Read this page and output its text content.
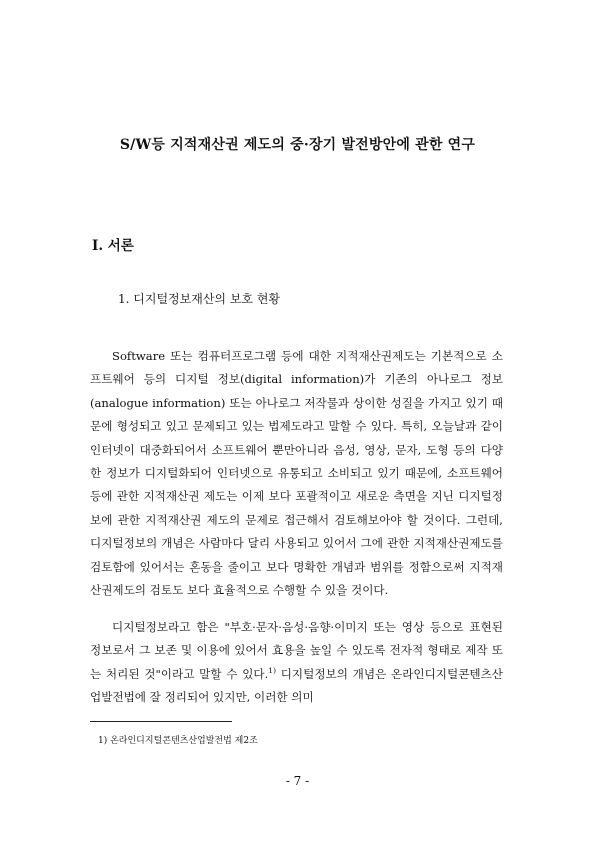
S/W등 지적재산권 제도의 중·장기 발전방안에 관한 연구
I. 서론
1. 디지털정보재산의 보호 현황

Software 또는 컴퓨터프로그램 등에 대한 지적재산권제도는 기본적으로 소프트웨어 등의 디지털 정보(digital information)가 기존의 아나로그 정보(analogue information) 또는 아나로그 저작물과 상이한 성질을 가지고 있기 때문에 형성되고 있고 문제되고 있는 법제도라고 말할 수 있다. 특히, 오늘날과 같이 인터넷이 대중화되어서 소프트웨어 뿐만아니라 음성, 영상, 문자, 도형 등의 다양한 정보가 디지털화되어 인터넷으로 유통되고 소비되고 있기 때문에, 소프트웨어 등에 관한 지적재산권 제도는 이제 보다 포괄적이고 새로운 측면을 지닌 디지털정보에 관한 지적재산권 제도의 문제로 접근해서 검토해보아야 할 것이다. 그런데, 디지털정보의 개념은 사람마다 달리 사용되고 있어서 그에 관한 지적재산권제도를 검토함에 있어서는 혼동을 줄이고 보다 명확한 개념과 범위를 정함으로써 지적재산권제도의 검토도 보다 효율적으로 수행할 수 있을 것이다.

디지털정보라고 함은 "부호·문자·음성·음향·이미지 또는 영상 등으로 표현된 정보로서 그 보존 및 이용에 있어서 효용을 높일 수 있도록 전자적 형태로 제작 또는 처리된 것"이라고 말할 수 있다.$^{1)}$ 디지털정보의 개념은 온라인디지털콘텐츠산업발전법에 잘 정리되어 있지만, 이러한 의미

1) 온라인디지털콘텐츠산업발전법 제2조
- 7 -
